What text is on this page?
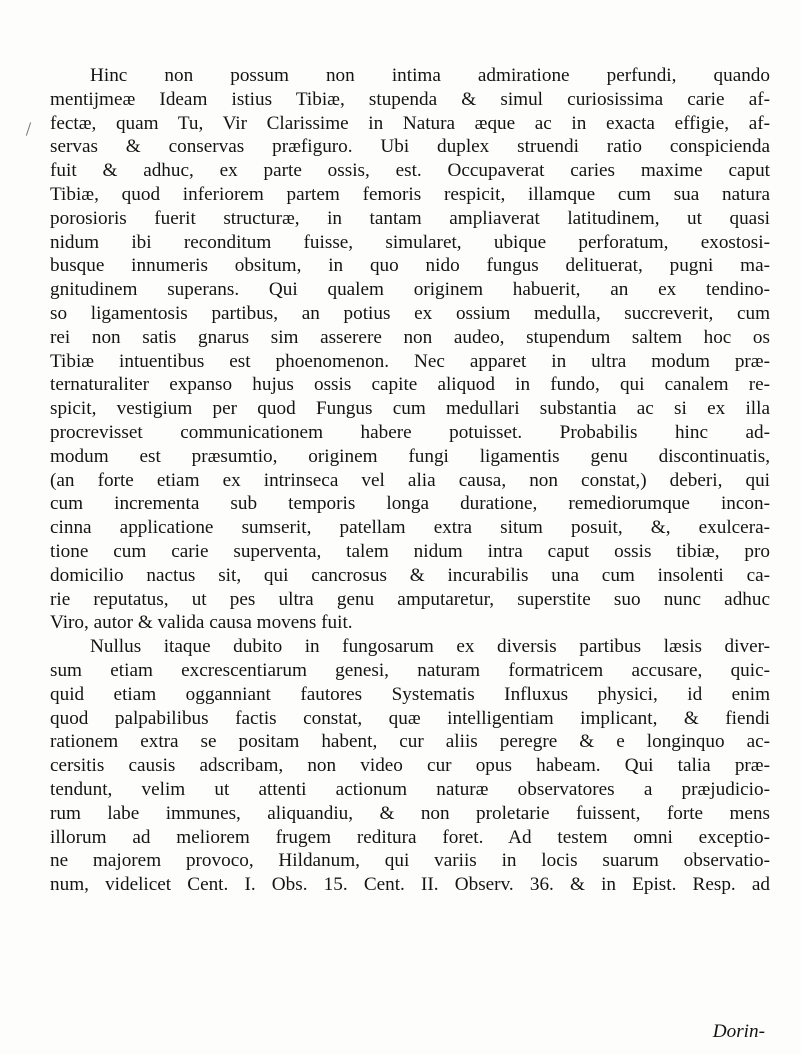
Hinc non possum non intima admiratione perfundi, quando
mentijmeæ Ideam istius Tibiæ, stupenda & simul curiosissima carie af-
fectæ, quam Tu, Vir Clarissime in Natura æque ac in exacta effigie, af-
servas & conservas præfiguro. Ubi duplex struendi ratio conspicienda
fuit & adhuc, ex parte ossis, est. Occupaverat caries maxime caput
Tibiæ, quod inferiorem partem femoris respicit, illamque cum sua natura
porosioris fuerit structuræ, in tantam ampliaverat latitudinem, ut quasi
nidum ibi reconditum fuisse, simularet, ubique perforatum, exostosi-
busque innumeris obsitum, in quo nido fungus delituerat, pugni ma-
gnitudinem superans. Qui qualem originem habuerit, an ex tendino-
so ligamentosis partibus, an potius ex ossium medulla, succreverit, cum
rei non satis gnarus sim asserere non audeo, stupendum saltem hoc os
Tibiæ intuentibus est phoenomenon. Nec apparet in ultra modum præ-
ternaturaliter expanso hujus ossis capite aliquod in fundo, qui canalem re-
spicit, vestigium per quod Fungus cum medullari substantia ac si ex illa
procrevisset communicationem habere potuisset. Probabilis hinc ad-
modum est præsumtio, originem fungi ligamentis genu discontinuatis,
(an forte etiam ex intrinseca vel alia causa, non constat,) deberi, qui
cum incrementa sub temporis longa duratione, remediorumque incon-
cinna applicatione sumserit, patellam extra situm posuit, &, exulcera-
tione cum carie superventa, talem nidum intra caput ossis tibiæ, pro
domicilio nactus sit, qui cancrosus & incurabilis una cum insolenti ca-
rie reputatus, ut pes ultra genu amputaretur, superstite suo nunc adhuc
Viro, autor & valida causa movens fuit.
Nullus itaque dubito in fungosarum ex diversis partibus læsis diver-
sum etiam excrescentiarum genesi, naturam formatricem accusare, quic-
quid etiam ogganniant fautores Systematis Influxus physici, id enim
quod palpabilibus factis constat, quæ intelligentiam implicant, & fiendi
rationem extra se positam habent, cur aliis peregre & e longinquo ac-
cersitis causis adscribam, non video cur opus habeam. Qui talia præ-
tendunt, velim ut attenti actionum naturæ observatores a præjudicio-
rum labe immunes, aliquandiu, & non proletarie fuissent, forte mens
illorum ad meliorem frugem reditura foret. Ad testem omni exceptio-
ne majorem provoco, Hildanum, qui variis in locis suarum observatio-
num, videlicet Cent. I. Obs. 15. Cent. II. Observ. 36. & in Epist. Resp. ad
Dorin-
